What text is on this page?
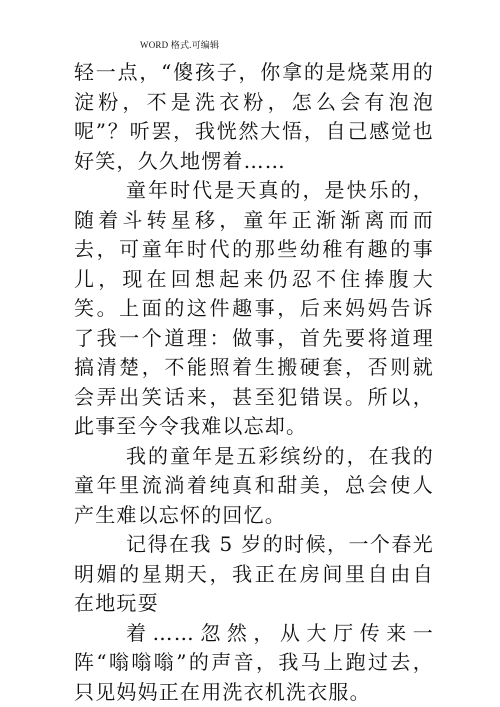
WORD 格式.可编辑

轻一点，“傻孩子，你拿的是烧菜用的淀粉，不是洗衣粉，怎么会有泡泡呢”？听罢，我恍然大悟，自己感觉也好笑，久久地愣着……

童年时代是天真的，是快乐的，随着斗转星移，童年正渐渐离而而去，可童年时代的那些幼稚有趣的事儿，现在回想起来仍忍不住捧腹大笑。上面的这件趣事，后来妈妈告诉了我一个道理：做事，首先要将道理搞清楚，不能照着生搬硬套，否则就会弄出笑话来，甚至犯错误。所以，此事至今令我难以忘却。

我的童年是五彩缤纷的，在我的童年里流淌着纯真和甜美，总会使人产生难以忘怀的回忆。

记得在我 5 岁的时候，一个春光明媚的星期天，我正在房间里自由自在地玩耍

着……忽然，从大厅传来一阵“嗡嗡嗡”的声音，我马上跑过去，只见妈妈正在用洗衣机洗衣服。
